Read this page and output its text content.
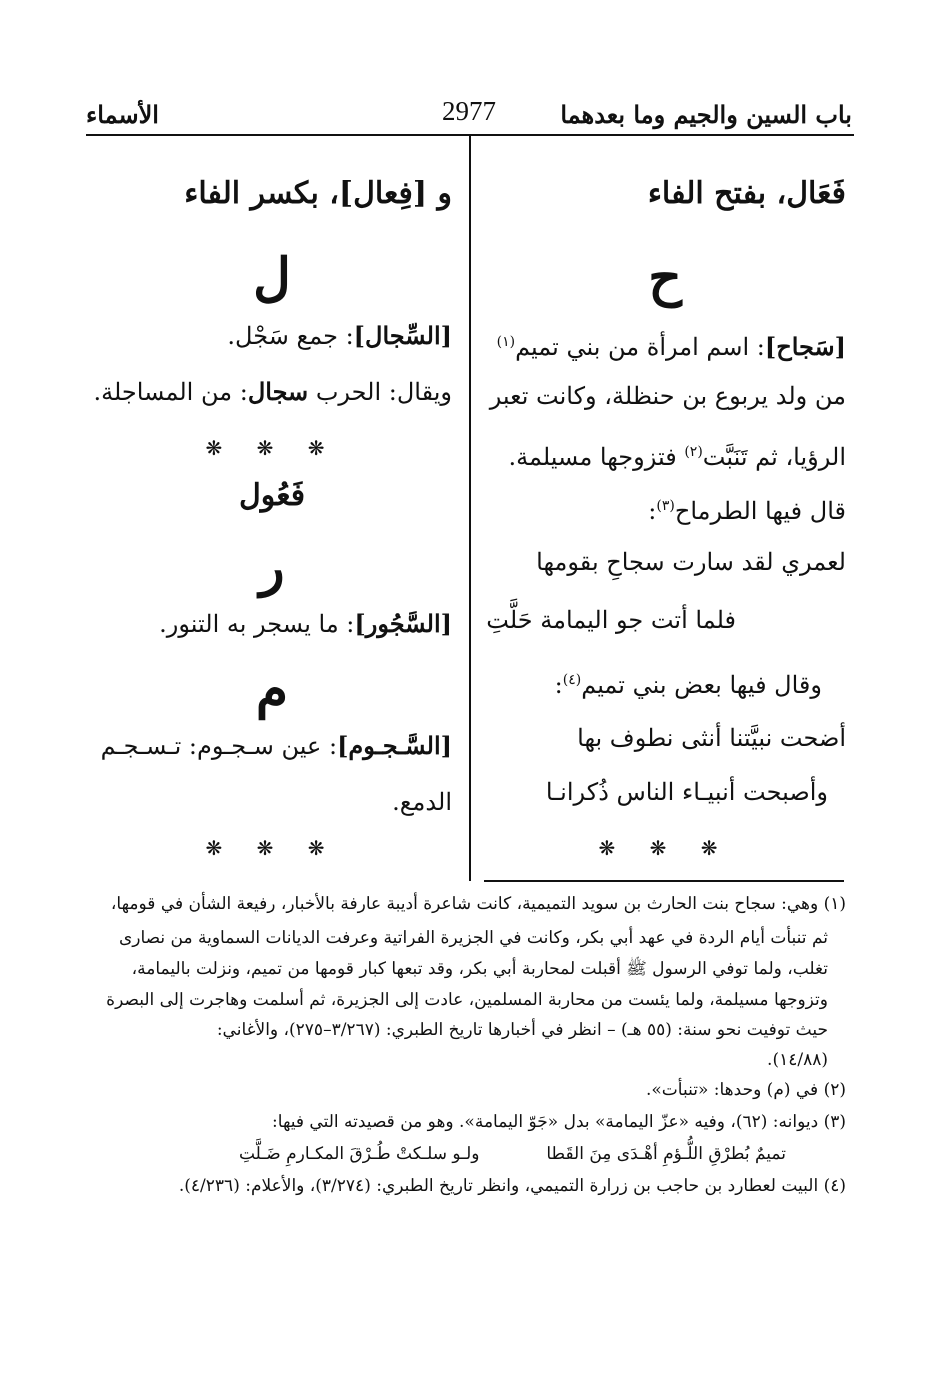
باب السين والجيم وما بعدهما
2977
الأسماء
فَعَال، بفتح الفاء
ح
[سَجاح]: اسم امرأة من بني تميم$^{(١)}$
من ولد يربوع بن حنظلة، وكانت تعبر
الرؤيا، ثم تَنَبَّت$^{(٢)}$ فتزوجها مسيلمة.
قال فيها الطرماح$^{(٣)}$:
لعمري لقد سارت سجاحِ بقومها
فلما أتت جو اليمامة حَلَّتِ
وقال فيها بعض بني تميم$^{(٤)}$:
أضحت نبيَّتنا أنثى نطوف بها
وأصبحت أنبيـاء الناس ذُكرانـا
❋ ❋ ❋
و [فِعال]، بكسر الفاء
ل
[السِّجال]: جمع سَجْل.
ويقال: الحرب سجال: من المساجلة.
❋ ❋ ❋
فَعُول
ر
[السَّجُور]: ما يسجر به التنور.
م
[السَّـجـوم]: عين سـجـوم: تـسـجـم
الدمع.
❋ ❋ ❋
(١) وهي: سجاح بنت الحارث بن سويد التميمية، كانت شاعرة أديبة عارفة بالأخبار، رفيعة الشأن في قومها،
ثم تنبأت أيام الردة في عهد أبي بكر، وكانت في الجزيرة الفراتية وعرفت الديانات السماوية من نصارى
تغلب، ولما توفي الرسول ﷺ أقبلت لمحاربة أبي بكر، وقد تبعها كبار قومها من تميم، ونزلت باليمامة،
وتزوجها مسيلمة، ولما يئست من محاربة المسلمين، عادت إلى الجزيرة، ثم أسلمت وهاجرت إلى البصرة
حيث توفيت نحو سنة: (٥٥ هـ) – انظر في أخبارها تاريخ الطبري: (٣/٢٦٧–٢٧٥)، والأغاني:
(١٤/٨٨).
(٢) في (م) وحدها: «تنبأت».
(٣) ديوانه: (٦٢)، وفيه «عزّ اليمامة» بدل «جَوّ اليمامة». وهو من قصيدته التي فيها:
تميمٌ بُطرْقِ اللُّـؤمِ أهْـدَى مِنَ القَطا  ولـو سلـكتْ طُـرْقَ المكـارمِ ضَـلَّتِ
(٤) البيت لعطارد بن حاجب بن زرارة التميمي، وانظر تاريخ الطبري: (٣/٢٧٤)، والأعلام: (٤/٢٣٦).
